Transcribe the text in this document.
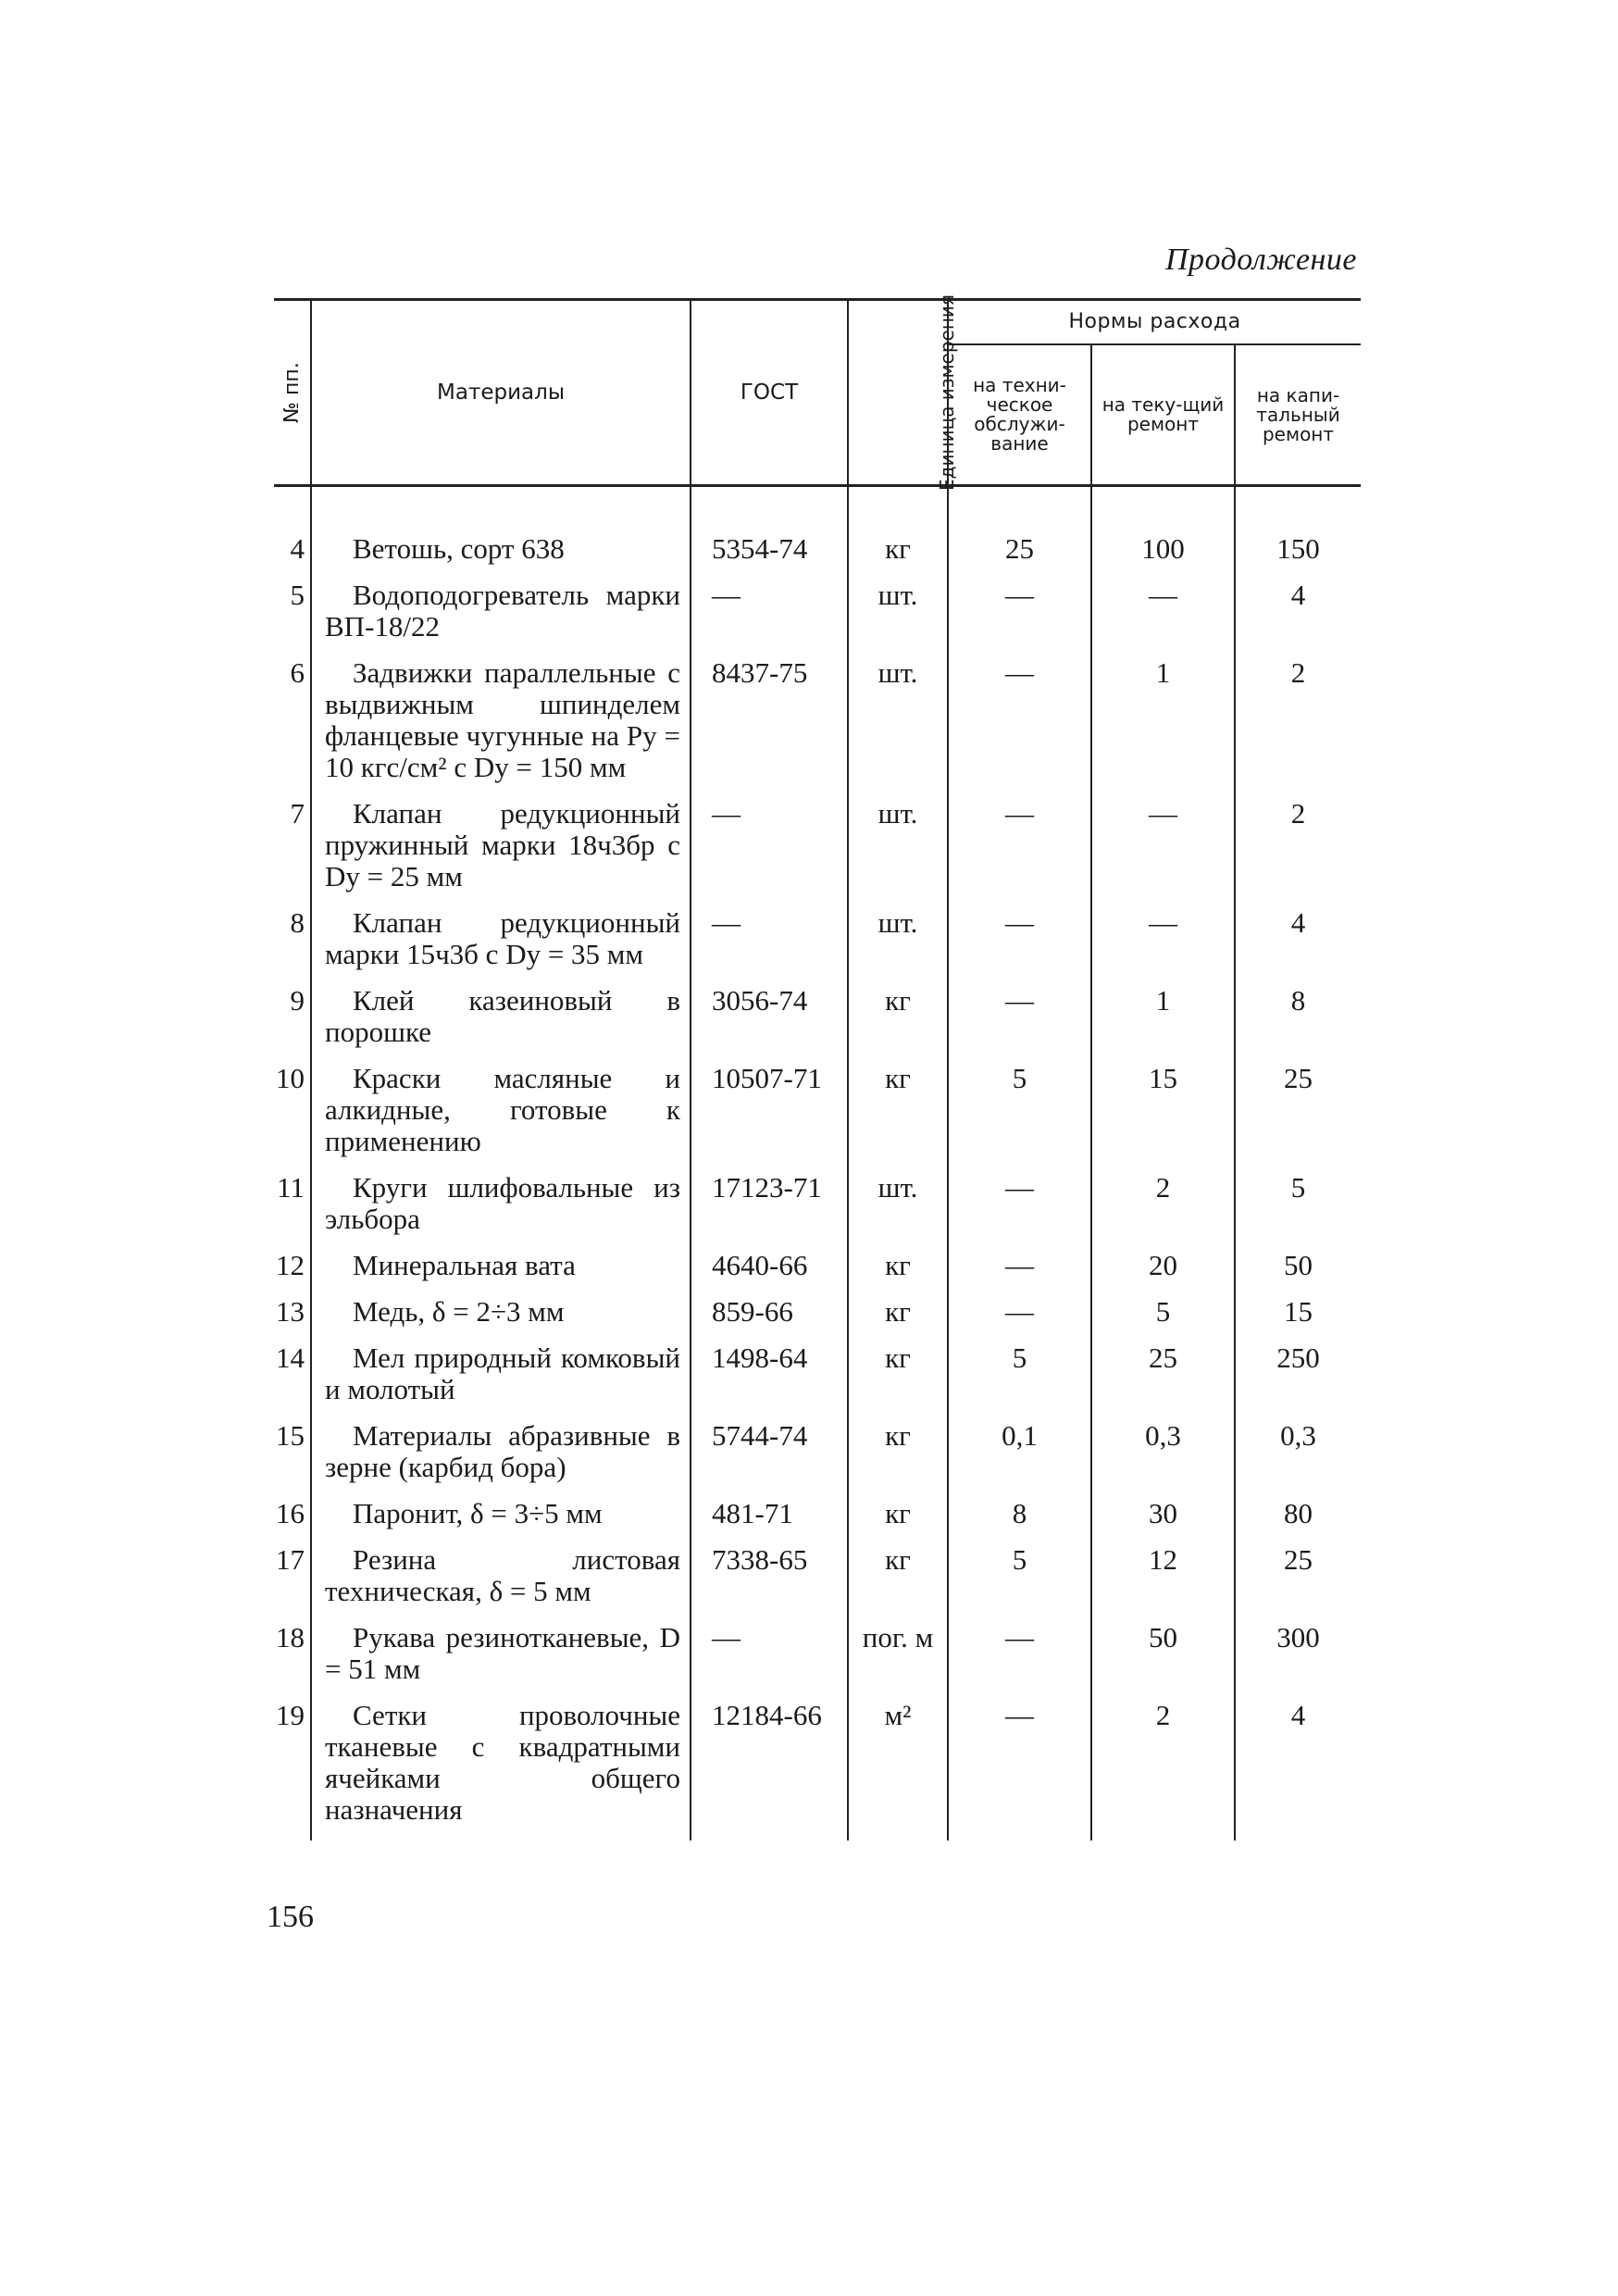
Продолжение
№ пп.	Материалы	ГОСТ	Единица измерения	Нормы расхода		
				на техни-ческое обслужи-вание	на теку-щий ремонт	на капи-тальный ремонт

4	Ветошь, сорт 638	5354-74	кг	25	100	150
5	Водоподогреватель марки ВП-18/22	—	шт.	—	—	4
6	Задвижки параллельные с выдвижным шпинделем фланцевые чугунные на Pу = 10 кгс/см² с Dу = 150 мм	8437-75	шт.	—	1	2
7	Клапан редукционный пружинный марки 18ч3бр с Dу = 25 мм	—	шт.	—	—	2
8	Клапан редукционный марки 15ч3б с Dу = 35 мм	—	шт.	—	—	4
9	Клей казеиновый в порошке	3056-74	кг	—	1	8
10	Краски масляные и алкидные, готовые к применению	10507-71	кг	5	15	25
11	Круги шлифовальные из эльбора	17123-71	шт.	—	2	5
12	Минеральная вата	4640-66	кг	—	20	50
13	Медь, δ = 2÷3 мм	859-66	кг	—	5	15
14	Мел природный комковый и молотый	1498-64	кг	5	25	250
15	Материалы абразивные в зерне (карбид бора)	5744-74	кг	0,1	0,3	0,3
16	Паронит, δ = 3÷5 мм	481-71	кг	8	30	80
17	Резина листовая техническая, δ = 5 мм	7338-65	кг	5	12	25
18	Рукава резинотканевые, D = 51 мм	—	пог. м	—	50	300
19	Сетки проволочные тканевые с квадратными ячейками общего назначения	12184-66	м²	—	2	4
156
